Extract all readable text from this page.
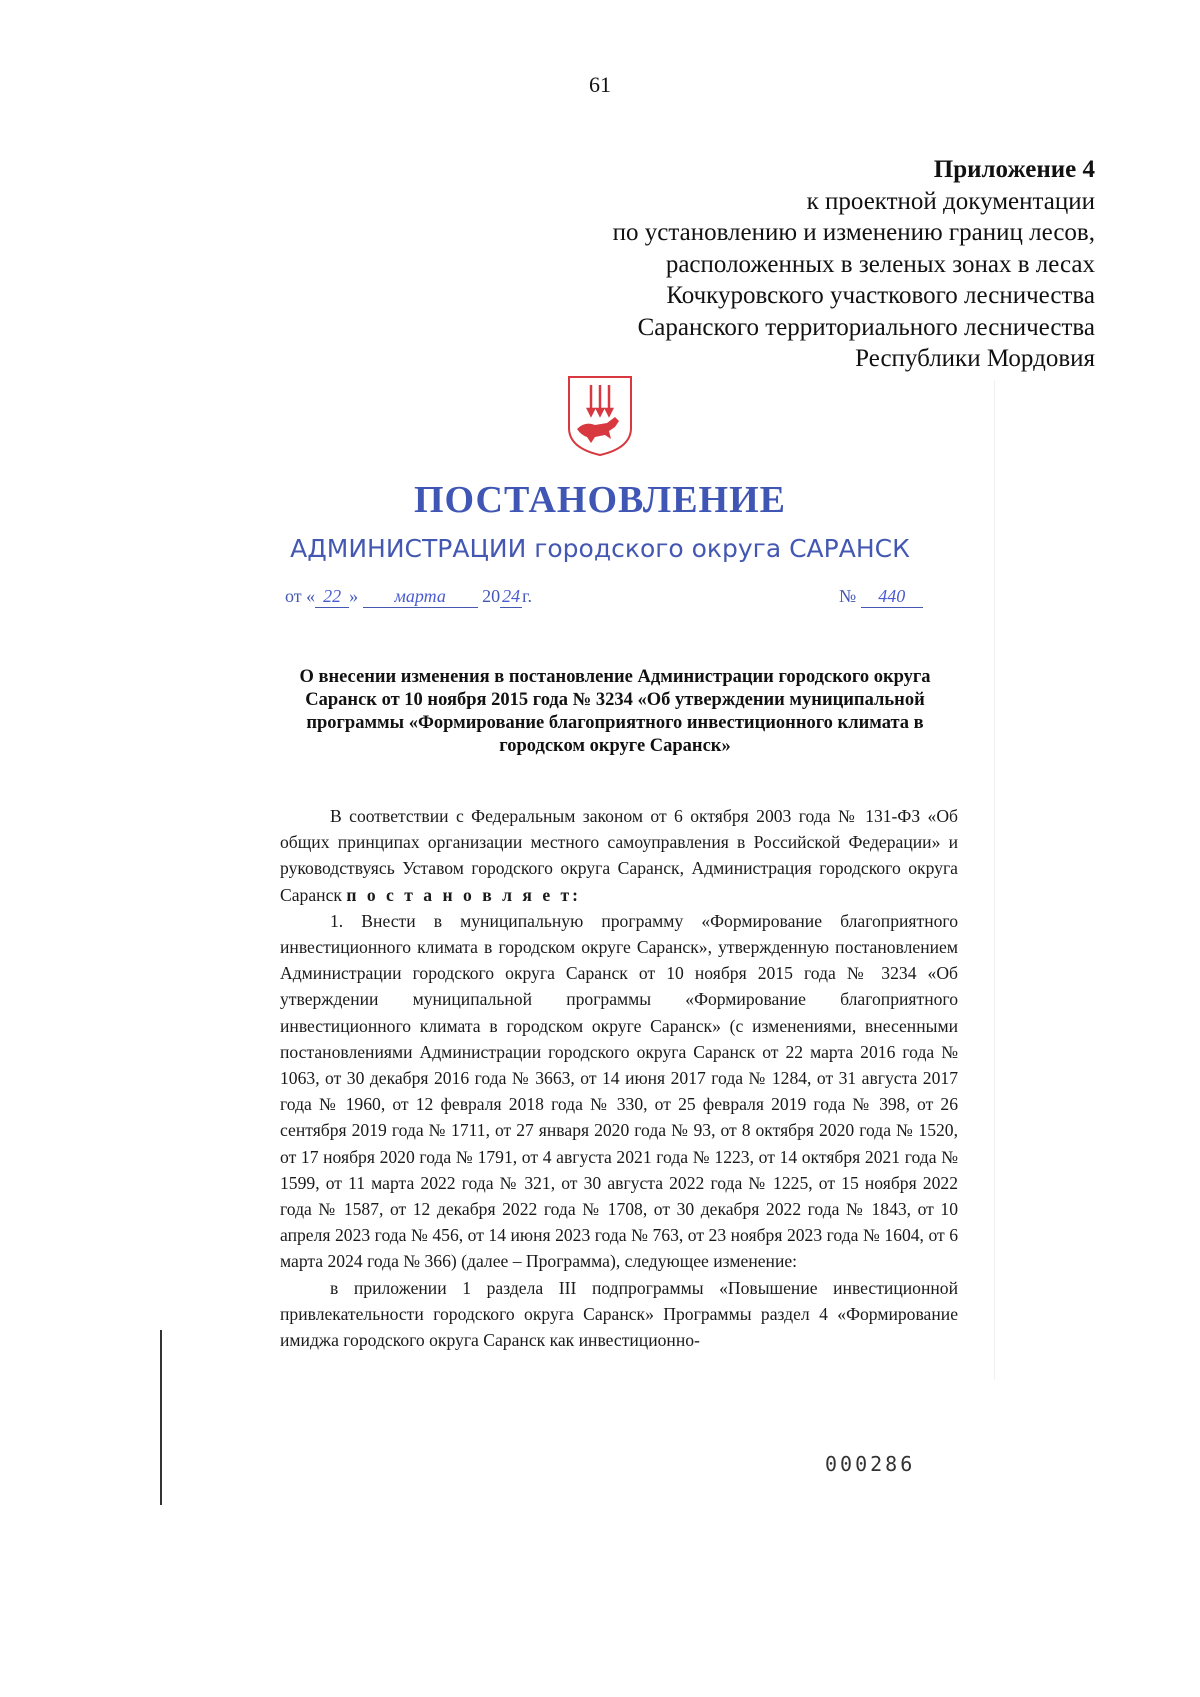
61
Приложение 4
к проектной документации
по установлению и изменению границ лесов,
расположенных в зеленых зонах в лесах
Кочкуровского участкового лесничества
Саранского территориального лесничества
Республики Мордовия
ПОСТАНОВЛЕНИЕ
АДМИНИСТРАЦИИ городского округа САРАНСК
от « 22 » марта 20 24 г.	№ 440
О внесении изменения в постановление Администрации городского округа Саранск от 10 ноября 2015 года № 3234 «Об утверждении муниципальной программы «Формирование благоприятного инвестиционного климата в городском округе Саранск»

В соответствии с Федеральным законом от 6 октября 2003 года № 131-ФЗ «Об общих принципах организации местного самоуправления в Российской Федерации» и руководствуясь Уставом городского округа Саранск, Администрация городского округа Саранск п о с т а н о в л я е т:

1. Внести в муниципальную программу «Формирование благоприятного инвестиционного климата в городском округе Саранск», утвержденную постановлением Администрации городского округа Саранск от 10 ноября 2015 года № 3234 «Об утверждении муниципальной программы «Формирование благоприятного инвестиционного климата в городском округе Саранск» (с изменениями, внесенными постановлениями Администрации городского округа Саранск от 22 марта 2016 года № 1063, от 30 декабря 2016 года № 3663, от 14 июня 2017 года № 1284, от 31 августа 2017 года № 1960, от 12 февраля 2018 года № 330, от 25 февраля 2019 года № 398, от 26 сентября 2019 года № 1711, от 27 января 2020 года № 93, от 8 октября 2020 года № 1520, от 17 ноября 2020 года № 1791, от 4 августа 2021 года № 1223, от 14 октября 2021 года № 1599, от 11 марта 2022 года № 321, от 30 августа 2022 года № 1225, от 15 ноября 2022 года № 1587, от 12 декабря 2022 года № 1708, от 30 декабря 2022 года № 1843, от 10 апреля 2023 года № 456, от 14 июня 2023 года № 763, от 23 ноября 2023 года № 1604, от 6 марта 2024 года № 366) (далее – Программа), следующее изменение:

в приложении 1 раздела III подпрограммы «Повышение инвестиционной привлекательности городского округа Саранск» Программы раздел 4 «Формирование имиджа городского округа Саранск как инвестиционно-

000286
